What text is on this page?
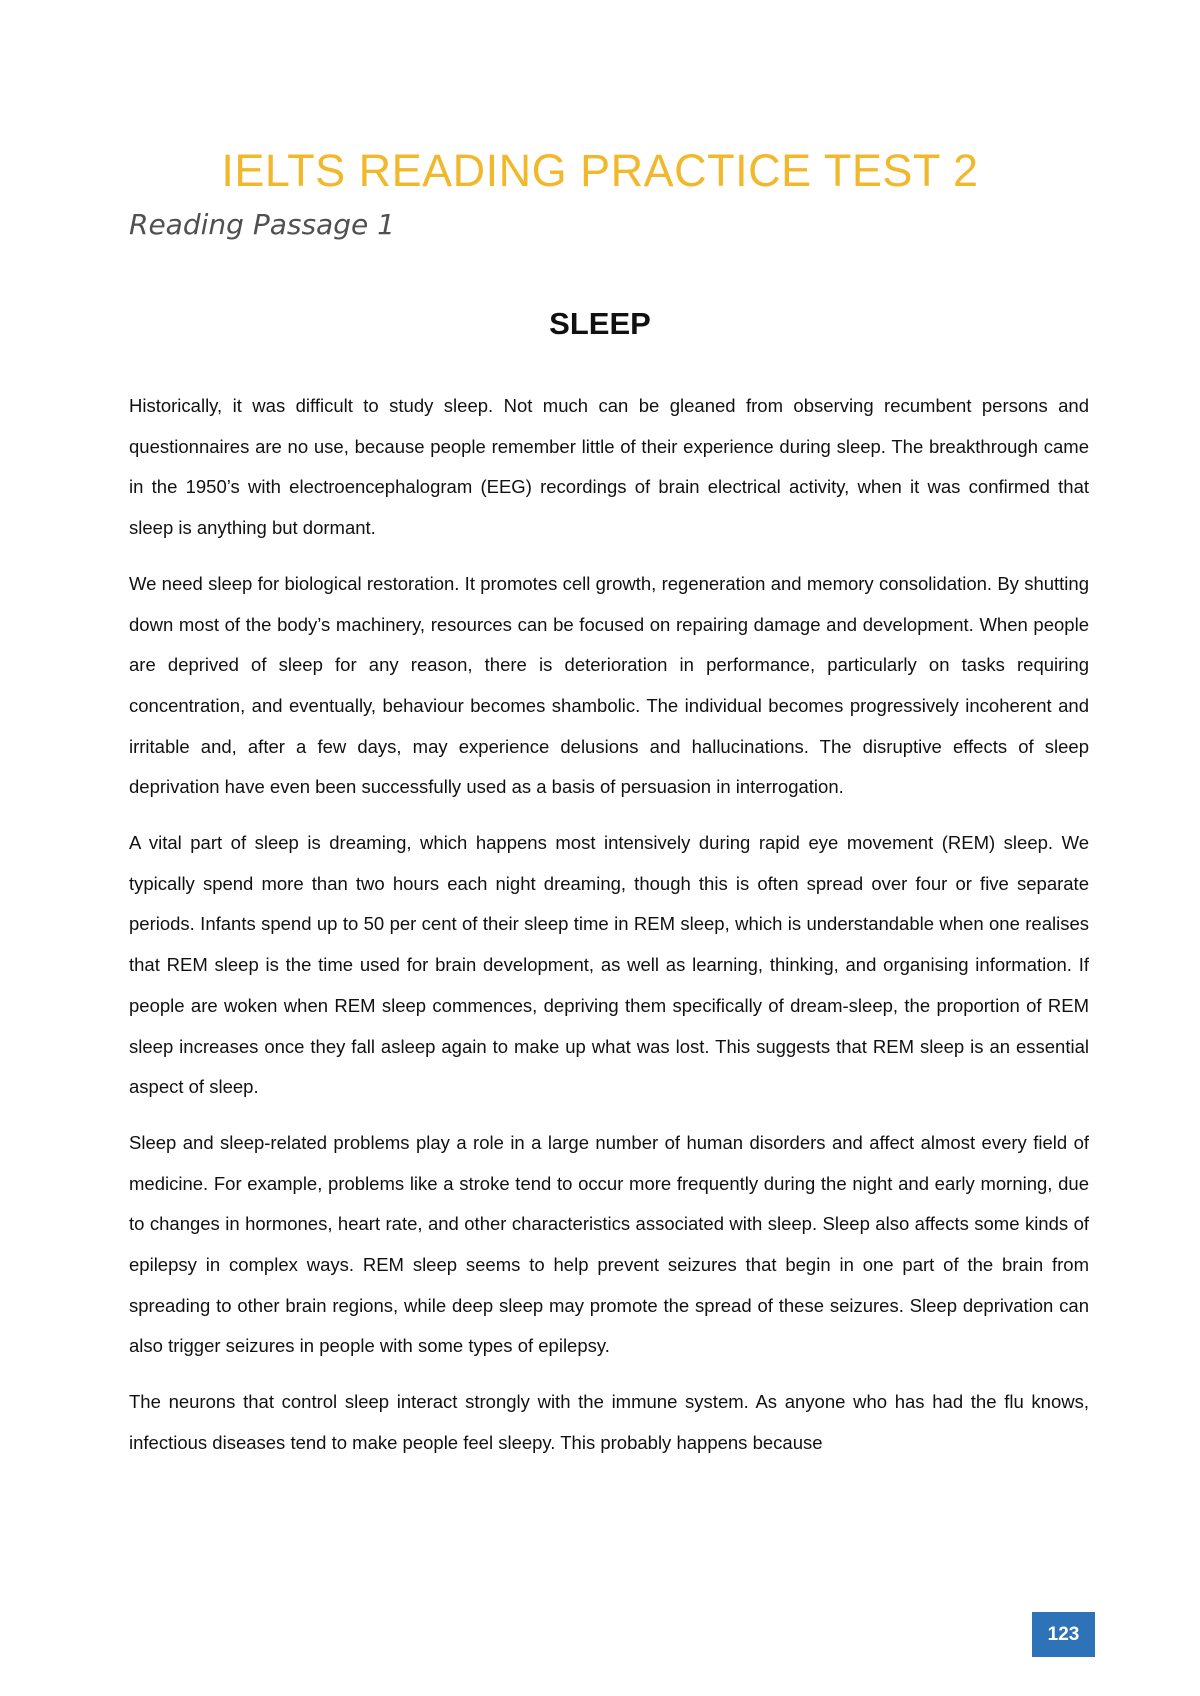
IELTS READING PRACTICE TEST 2
Reading Passage 1
SLEEP

Historically, it was difficult to study sleep. Not much can be gleaned from observing recumbent persons and questionnaires are no use, because people remember little of their experience during sleep. The breakthrough came in the 1950’s with electroencephalogram (EEG) recordings of brain electrical activity, when it was confirmed that sleep is anything but dormant.

We need sleep for biological restoration. It promotes cell growth, regeneration and memory consolidation. By shutting down most of the body’s machinery, resources can be focused on repairing damage and development. When people are deprived of sleep for any reason, there is deterioration in performance, particularly on tasks requiring concentration, and eventually, behaviour becomes shambolic. The individual becomes progressively incoherent and irritable and, after a few days, may experience delusions and hallucinations. The disruptive effects of sleep deprivation have even been successfully used as a basis of persuasion in interrogation.

A vital part of sleep is dreaming, which happens most intensively during rapid eye movement (REM) sleep. We typically spend more than two hours each night dreaming, though this is often spread over four or five separate periods. Infants spend up to 50 per cent of their sleep time in REM sleep, which is understandable when one realises that REM sleep is the time used for brain development, as well as learning, thinking, and organising information. If people are woken when REM sleep commences, depriving them specifically of dream-sleep, the proportion of REM sleep increases once they fall asleep again to make up what was lost. This suggests that REM sleep is an essential aspect of sleep.

Sleep and sleep-related problems play a role in a large number of human disorders and affect almost every field of medicine. For example, problems like a stroke tend to occur more frequently during the night and early morning, due to changes in hormones, heart rate, and other characteristics associated with sleep. Sleep also affects some kinds of epilepsy in complex ways. REM sleep seems to help prevent seizures that begin in one part of the brain from spreading to other brain regions, while deep sleep may promote the spread of these seizures. Sleep deprivation can also trigger seizures in people with some types of epilepsy.

The neurons that control sleep interact strongly with the immune system. As anyone who has had the flu knows, infectious diseases tend to make people feel sleepy. This probably happens because

123
